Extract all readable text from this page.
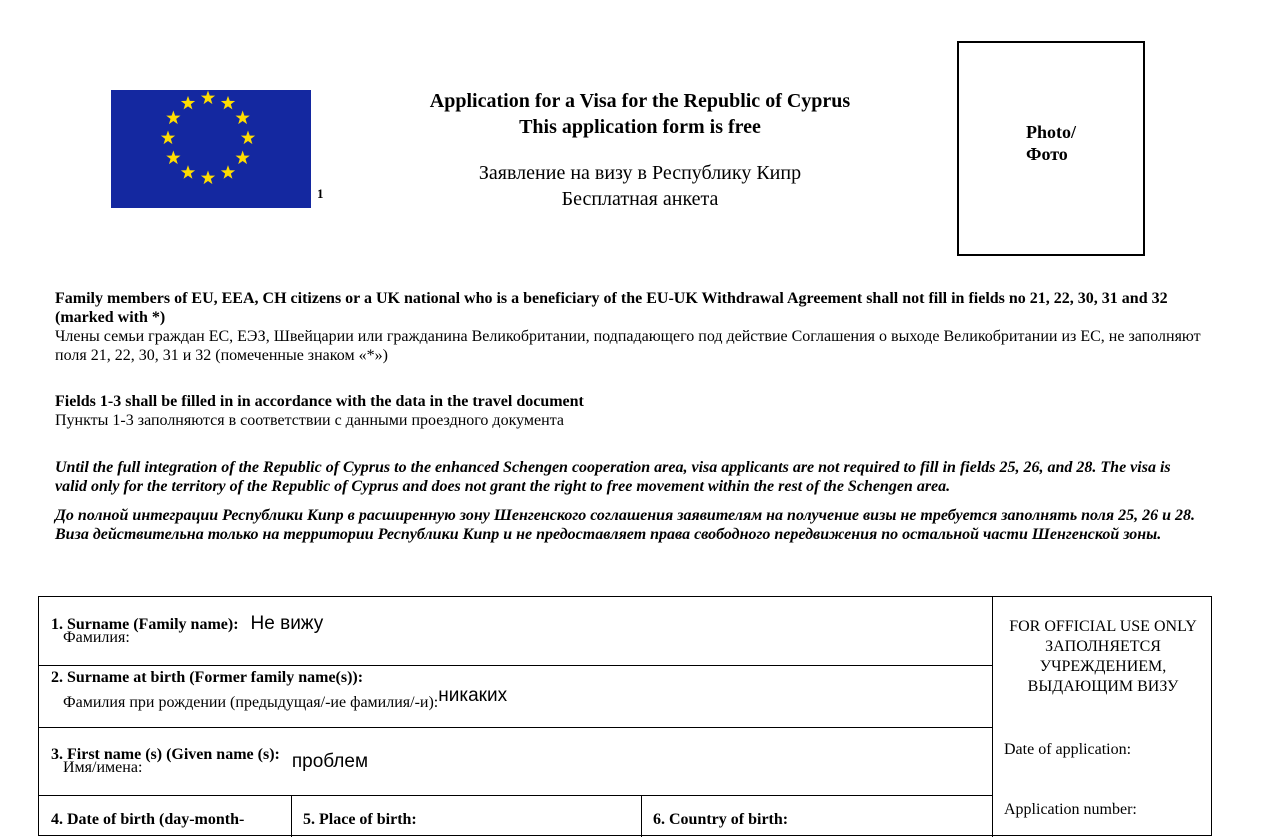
1
Application for a Visa for the Republic of Cyprus
This application form is free
Заявление на визу в Республику Кипр
Бесплатная анкета
Photo/
Фото
Family members of EU, EEA, CH citizens or a UK national who is a beneficiary of the EU-UK Withdrawal Agreement shall not fill in fields no 21, 22, 30, 31 and 32 (marked with *)
Члены семьи граждан ЕС, ЕЭЗ, Швейцарии или гражданина Великобритании, подпадающего под действие Соглашения о выходе Великобритании из ЕС, не заполняют поля 21, 22, 30, 31 и 32 (помеченные знаком «*»)
Fields 1-3 shall be filled in in accordance with the data in the travel document
Пункты 1-3 заполняются в соответствии с данными проездного документа
Until the full integration of the Republic of Cyprus to the enhanced Schengen cooperation area, visa applicants are not required to fill in fields 25, 26, and 28. The visa is valid only for the territory of the Republic of Cyprus and does not grant the right to free movement within the rest of the Schengen area.
До полной интеграции Республики Кипр в расширенную зону Шенгенского соглашения заявителям на получение визы не требуется заполнять поля 25, 26 и 28. Виза действительна только на территории Республики Кипр и не предоставляет права свободного передвижения по остальной части Шенгенской зоны.
1. Surname (Family name): Не вижу
Фамилия:
2. Surname at birth (Former family name(s)):
Фамилия при рождении (предыдущая/-ие фамилия/-и):никаких
3. First name (s) (Given name (s): проблем
Имя/имена:
4. Date of birth (day-month-	5. Place of birth:	6. Country of birth:
FOR OFFICIAL USE ONLY
ЗАПОЛНЯЕТСЯ УЧРЕЖДЕНИЕМ, ВЫДАЮЩИМ ВИЗУ
Date of application:
Application number:
